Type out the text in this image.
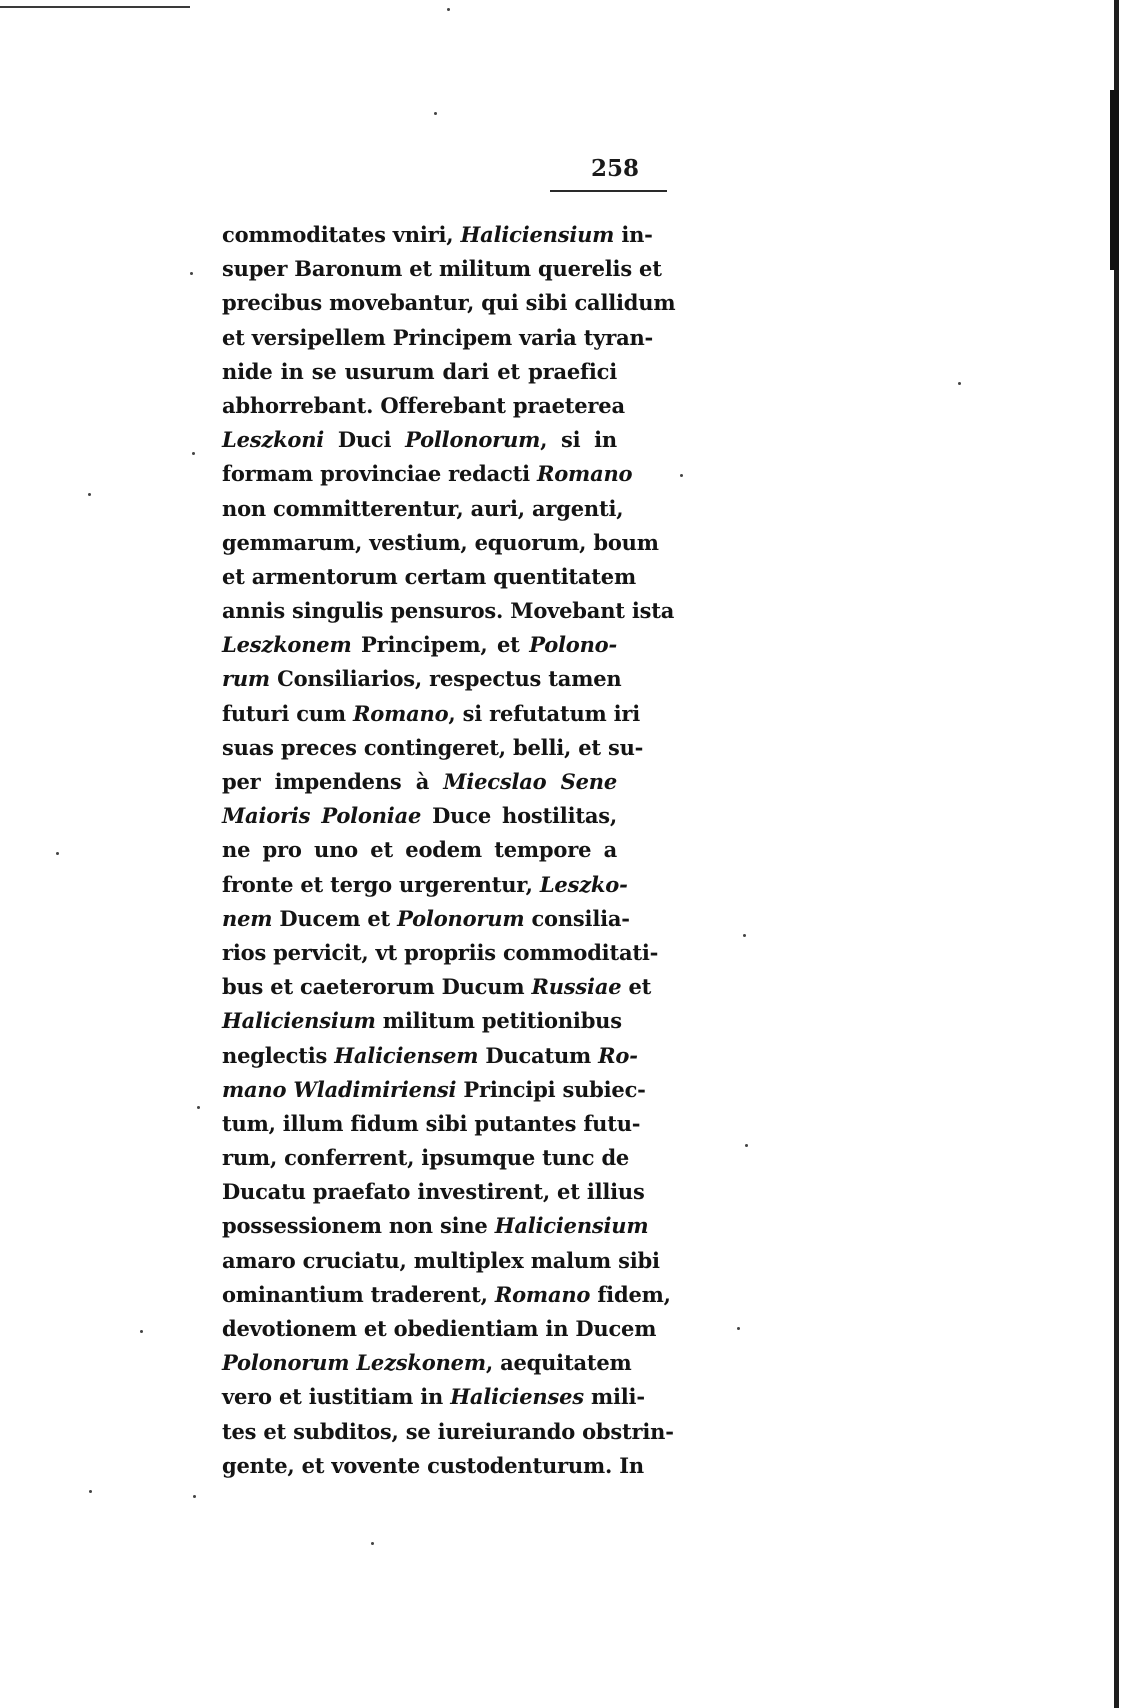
258
commoditates vniri, Haliciensium in-
super Baronum et militum querelis et
precibus movebantur, qui sibi callidum
et versipellem Principem varia tyran-
nide in se usurum dari et praefici
abhorrebant. Offerebant praeterea
Leszkoni Duci Pollonorum, si in
formam provinciae redacti Romano
non committerentur, auri, argenti,
gemmarum, vestium, equorum, boum
et armentorum certam quentitatem
annis singulis pensuros. Movebant ista
Leszkonem Principem, et Polono-
rum Consiliarios, respectus tamen
futuri cum Romano, si refutatum iri
suas preces contingeret, belli, et su-
per impendens à Miecslao Sene
Maioris Poloniae Duce hostilitas,
ne pro uno et eodem tempore a
fronte et tergo urgerentur, Leszko-
nem Ducem et Polonorum consilia-
rios pervicit, vt propriis commoditati-
bus et caeterorum Ducum Russiae et
Haliciensium militum petitionibus
neglectis Haliciensem Ducatum Ro-
mano Wladimiriensi Principi subiec-
tum, illum fidum sibi putantes futu-
rum, conferrent, ipsumque tunc de
Ducatu praefato investirent, et illius
possessionem non sine Haliciensium
amaro cruciatu, multiplex malum sibi
ominantium traderent, Romano fidem,
devotionem et obedientiam in Ducem
Polonorum Lezskonem, aequitatem
vero et iustitiam in Halicienses mili-
tes et subditos, se iureiurando obstrin-
gente, et vovente custodenturum. In
